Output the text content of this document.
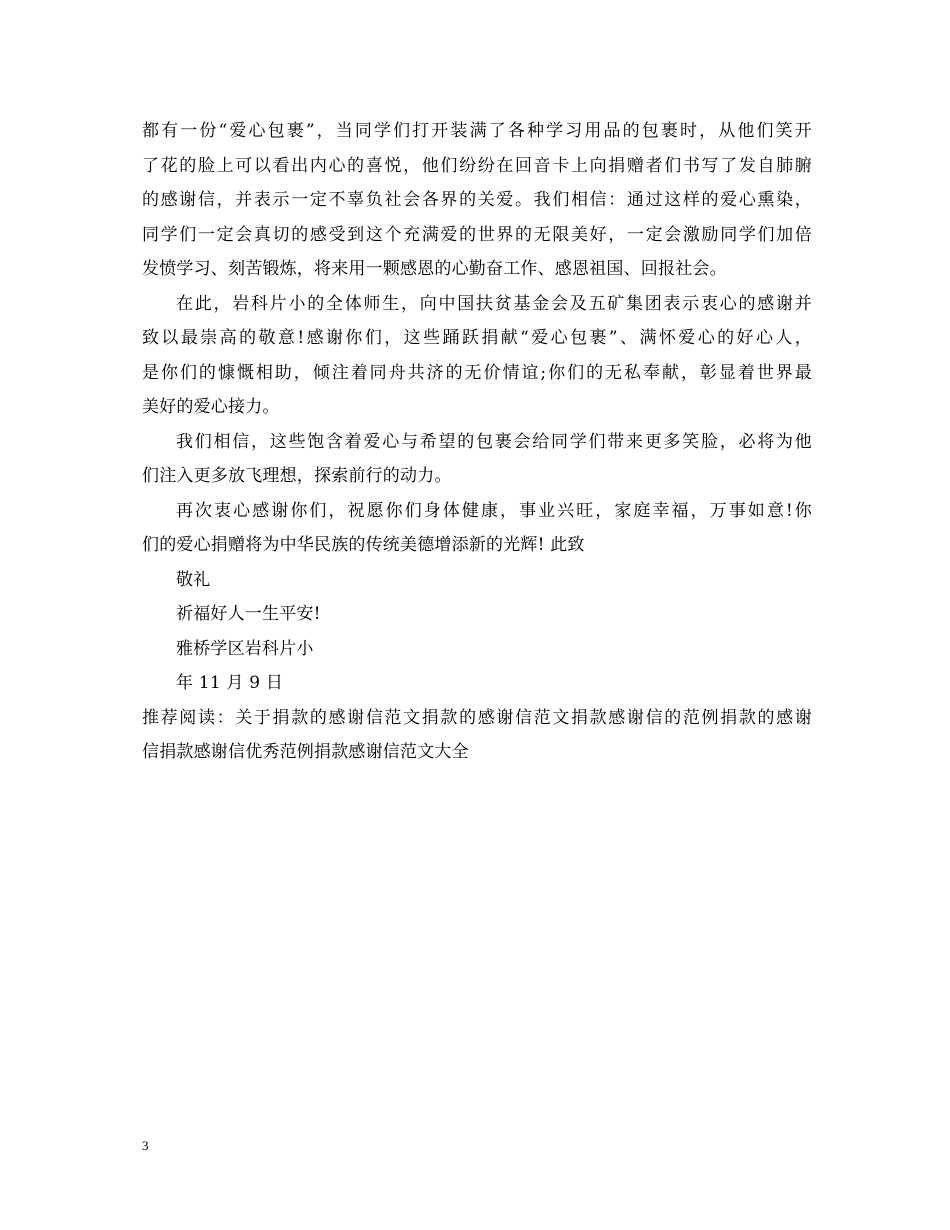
都有一份“爱心包裹”，当同学们打开装满了各种学习用品的包裹时，从他们笑开
了花的脸上可以看出内心的喜悦，他们纷纷在回音卡上向捐赠者们书写了发自肺腑
的感谢信，并表示一定不辜负社会各界的关爱。我们相信：通过这样的爱心熏染，
同学们一定会真切的感受到这个充满爱的世界的无限美好，一定会激励同学们加倍
发愤学习、刻苦锻炼，将来用一颗感恩的心勤奋工作、感恩祖国、回报社会。
在此，岩科片小的全体师生，向中国扶贫基金会及五矿集团表示衷心的感谢并
致以最崇高的敬意!感谢你们，这些踊跃捐献“爱心包裹”、满怀爱心的好心人，
是你们的慷慨相助，倾注着同舟共济的无价情谊;你们的无私奉献，彰显着世界最
美好的爱心接力。
我们相信，这些饱含着爱心与希望的包裹会给同学们带来更多笑脸，必将为他
们注入更多放飞理想，探索前行的动力。
再次衷心感谢你们，祝愿你们身体健康，事业兴旺，家庭幸福，万事如意!你
们的爱心捐赠将为中华民族的传统美德增添新的光辉! 此致
敬礼
祈福好人一生平安!
雅桥学区岩科片小
年 11 月 9 日
推荐阅读：关于捐款的感谢信范文捐款的感谢信范文捐款感谢信的范例捐款的感谢
信捐款感谢信优秀范例捐款感谢信范文大全
3
